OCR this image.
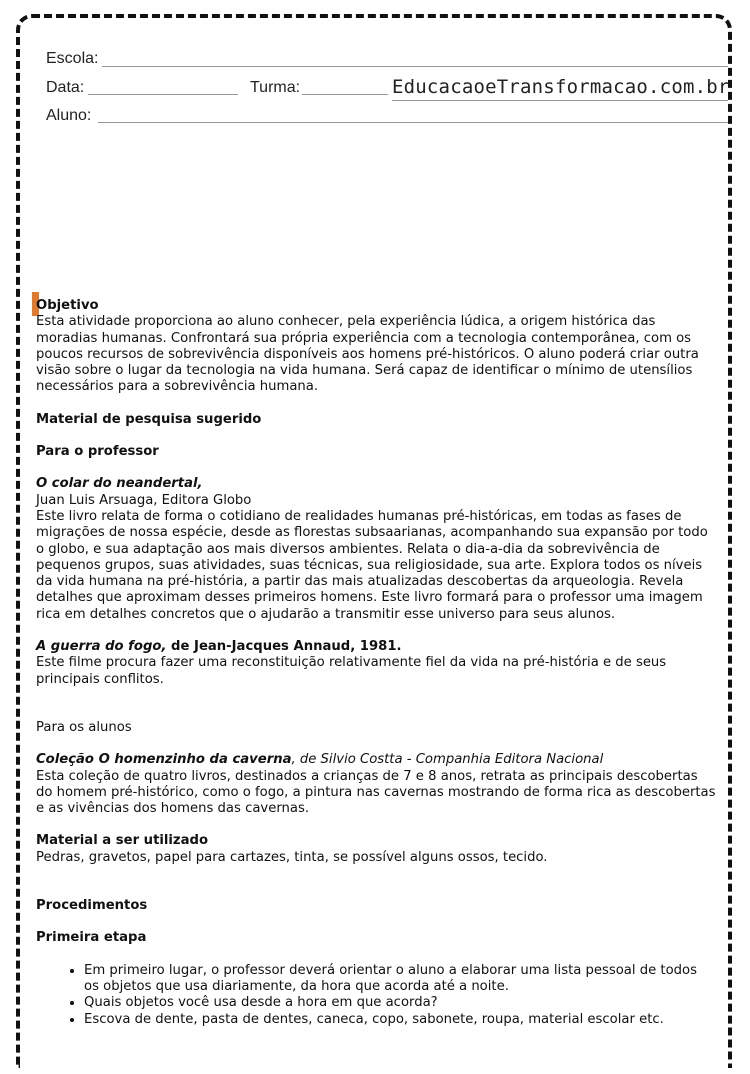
Escola:
Data:	Turma:	EducacaoeTransformacao.com.br
Aluno:

Objetivo

Esta atividade proporciona ao aluno conhecer, pela experiência lúdica, a origem histórica das moradias humanas. Confrontará sua própria experiência com a tecnologia contemporânea, com os poucos recursos de sobrevivência disponíveis aos homens pré-históricos. O aluno poderá criar outra visão sobre o lugar da tecnologia na vida humana. Será capaz de identificar o mínimo de utensílios necessários para a sobrevivência humana.

Material de pesquisa sugerido

Para o professor

O colar do neandertal,

Juan Luis Arsuaga, Editora Globo

Este livro relata de forma o cotidiano de realidades humanas pré-históricas, em todas as fases de migrações de nossa espécie, desde as florestas subsaarianas, acompanhando sua expansão por todo o globo, e sua adaptação aos mais diversos ambientes. Relata o dia-a-dia da sobrevivência de pequenos grupos, suas atividades, suas técnicas, sua religiosidade, sua arte. Explora todos os níveis da vida humana na pré-história, a partir das mais atualizadas descobertas da arqueologia. Revela detalhes que aproximam desses primeiros homens. Este livro formará para o professor uma imagem rica em detalhes concretos que o ajudarão a transmitir esse universo para seus alunos.

A guerra do fogo, de Jean-Jacques Annaud, 1981.

Este filme procura fazer uma reconstituição relativamente fiel da vida na pré-história e de seus principais conflitos.

Para os alunos

Coleção O homenzinho da caverna, de Silvio Costta - Companhia Editora Nacional

Esta coleção de quatro livros, destinados a crianças de 7 e 8 anos, retrata as principais descobertas do homem pré-histórico, como o fogo, a pintura nas cavernas mostrando de forma rica as descobertas e as vivências dos homens das cavernas.

Material a ser utilizado

Pedras, gravetos, papel para cartazes, tinta, se possível alguns ossos, tecido.

Procedimentos

Primeira etapa

• Em primeiro lugar, o professor deverá orientar o aluno a elaborar uma lista pessoal de todos os objetos que usa diariamente, da hora que acorda até a noite.
• Quais objetos você usa desde a hora em que acorda?
• Escova de dente, pasta de dentes, caneca, copo, sabonete, roupa, material escolar etc.
